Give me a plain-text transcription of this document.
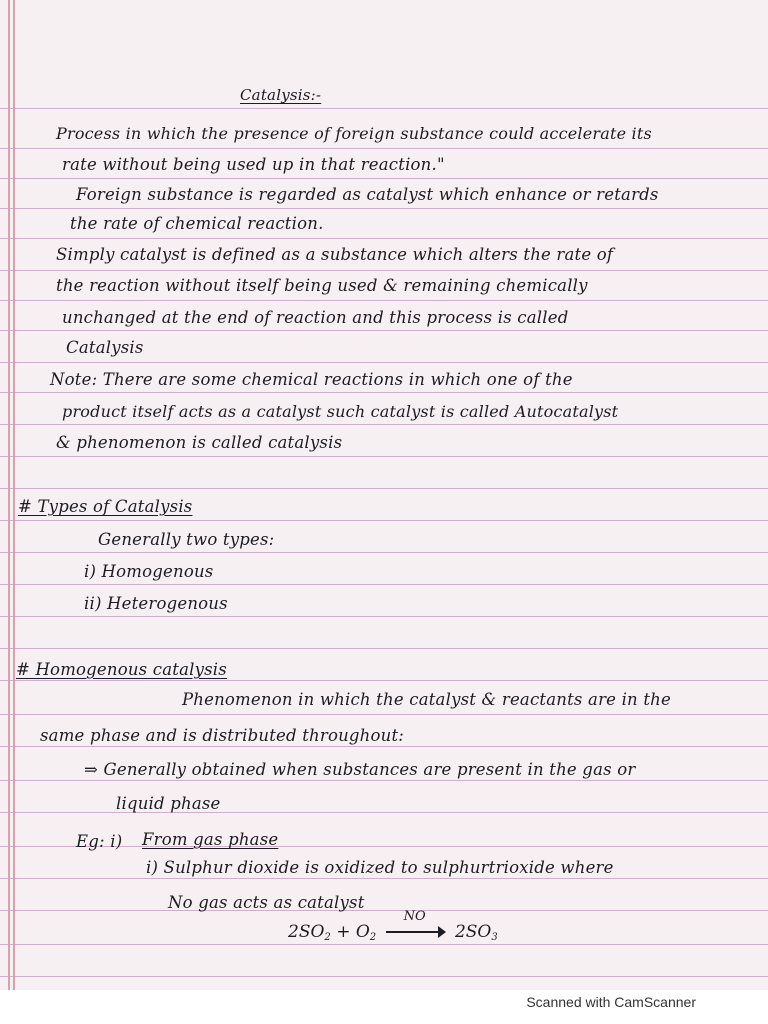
Catalysis:-
Process in which the presence of foreign substance could accelerate its
rate without being used up in that reaction."
Foreign substance is regarded as catalyst which enhance or retards
the rate of chemical reaction.
Simply catalyst is defined as a substance which alters the rate of
the reaction without itself being used & remaining chemically
unchanged at the end of reaction and this process is called
Catalysis
Note: There are some chemical reactions in which one of the
product itself acts as a catalyst such catalyst is called Autocatalyst
& phenomenon is called catalysis
# Types of Catalysis
Generally two types:
i) Homogenous
ii) Heterogenous
# Homogenous catalysis
Phenomenon in which the catalyst & reactants are in the
same phase and is distributed throughout:
⇒ Generally obtained when substances are present in the gas or
liquid phase
Eg: i) From gas phase
i) Sulphur dioxide is oxidized to sulphurtrioxide where
No gas acts as catalyst
$2SO_2 + O_2$
NO
$2SO_3$
Scanned with CamScanner
